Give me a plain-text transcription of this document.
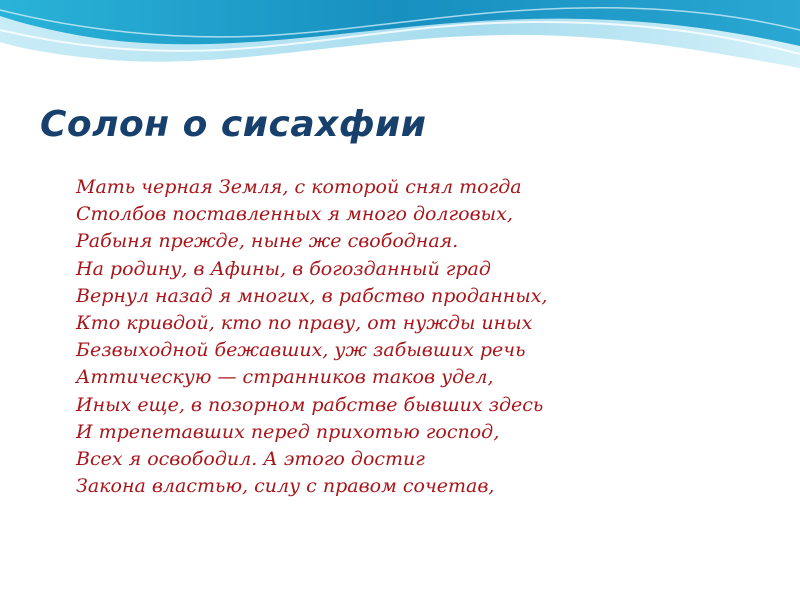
Солон о сисахфии
Мать черная Земля, с которой снял тогда
Столбов поставленных я много долговых,
Рабыня прежде, ныне же свободная.
На родину, в Афины, в богозданный град
Вернул назад я многих, в рабство проданных,
Кто кривдой, кто по праву, от нужды иных
Безвыходной бежавших, уж забывших речь
Аттическую — странников таков удел,
Иных еще, в позорном рабстве бывших здесь
И трепетавших перед прихотью господ,
Всех я освободил. А этого достиг
Закона властью, силу с правом сочетав,
